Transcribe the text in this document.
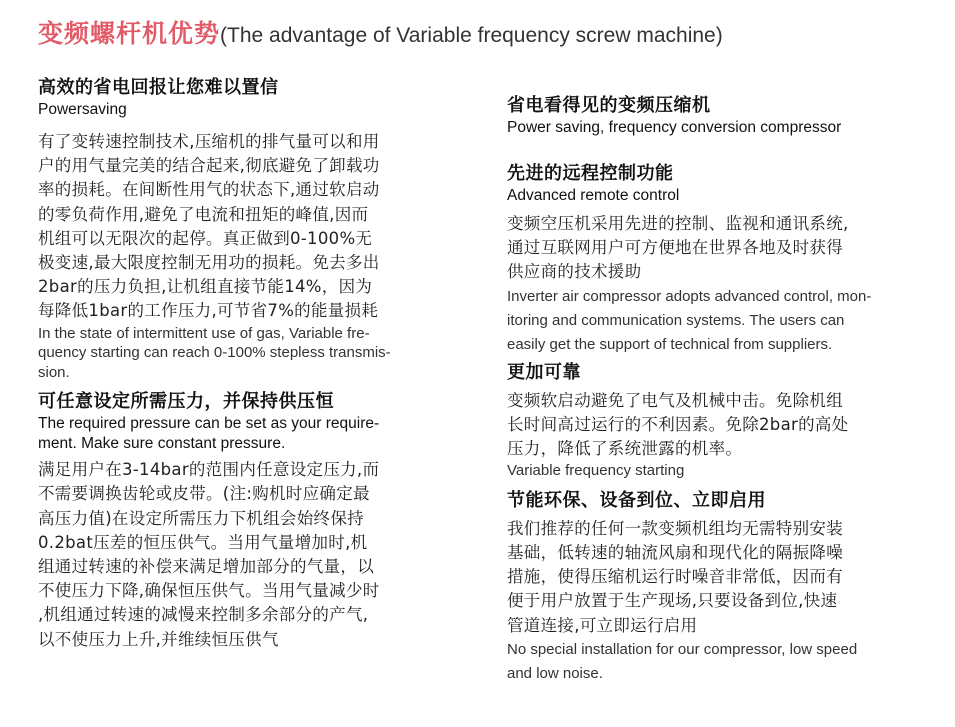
变频螺杆机优势(The advantage of Variable frequency screw machine)

高效的省电回报让您难以置信

Powersaving

有了变转速控制技术,压缩机的排气量可以和用

户的用气量完美的结合起来,彻底避免了卸载功

率的损耗。在间断性用气的状态下,通过软启动

的零负荷作用,避免了电流和扭矩的峰值,因而

机组可以无限次的起停。真正做到0-100%无

极变速,最大限度控制无用功的损耗。免去多出

2bar的压力负担,让机组直接节能14%，因为

每降低1bar的工作压力,可节省7%的能量损耗

In the state of intermittent use of gas, Variable fre-

quency starting can reach 0-100% stepless transmis-

sion.

可任意设定所需压力，并保持供压恒

The required pressure can be set as your require-

ment. Make sure constant pressure.

满足用户在3-14bar的范围内任意设定压力,而

不需要调换齿轮或皮带。(注:购机时应确定最

高压力值)在设定所需压力下机组会始终保持

0.2bat压差的恒压供气。当用气量增加时,机

组通过转速的补偿来满足增加部分的气量，以

不使压力下降,确保恒压供气。当用气量减少时

,机组通过转速的减慢来控制多余部分的产气,

以不使压力上升,并维续恒压供气

省电看得见的变频压缩机

Power saving, frequency conversion compressor

先进的远程控制功能

Advanced remote control

变频空压机采用先进的控制、监视和通讯系统,

通过互联网用户可方便地在世界各地及时获得

供应商的技术援助

Inverter air compressor adopts advanced control, mon-

itoring and communication systems. The users can

easily get the support of technical from suppliers.

更加可靠

变频软启动避免了电气及机械中击。免除机组

长时间高过运行的不利因素。免除2bar的高处

压力，降低了系统泄露的机率。

Variable frequency starting

节能环保、设备到位、立即启用

我们推荐的任何一款变频机组均无需特别安装

基础，低转速的轴流风扇和现代化的隔振降噪

措施，使得压缩机运行时噪音非常低，因而有

便于用户放置于生产现场,只要设备到位,快速

管道连接,可立即运行启用

No special installation for our compressor, low speed

and low noise.
